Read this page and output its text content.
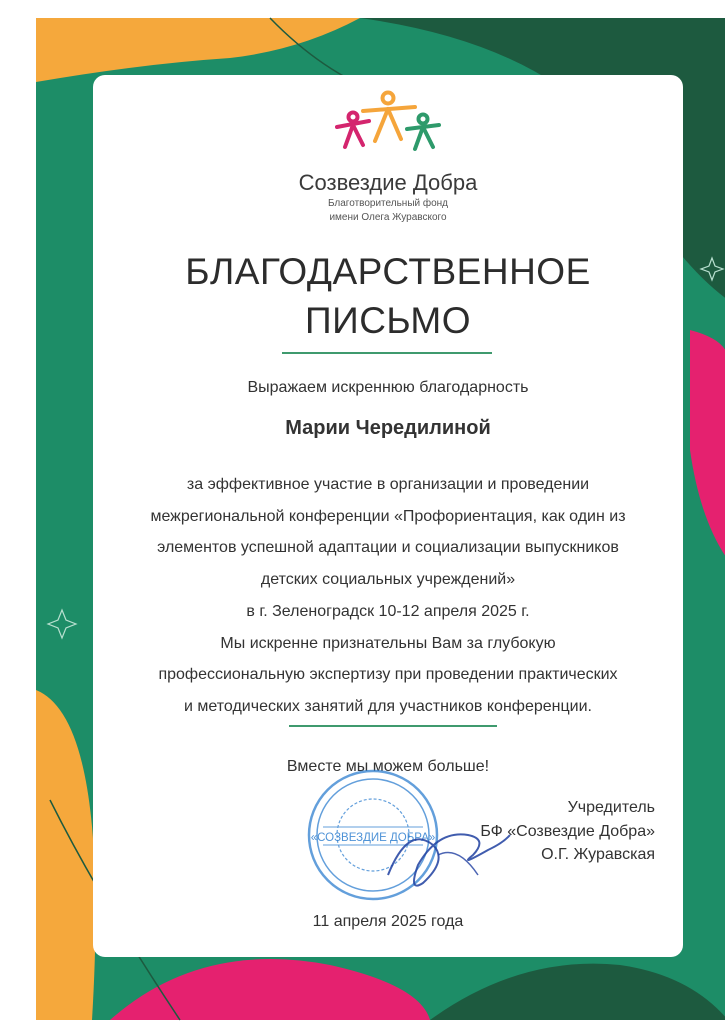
Созвездие Добра
Благотворительный фонд
имени Олега Журавского
БЛАГОДАРСТВЕННОЕ
ПИСЬМО
Выражаем искреннюю благодарность
Марии Чередилиной
за эффективное участие в организации и проведении
межрегиональной конференции «Профориентация, как один из
элементов успешной адаптации и социализации выпускников
детских социальных учреждений»
в г. Зеленоградск 10-12 апреля 2025 г.
Мы искренне признательны Вам за глубокую
профессиональную экспертизу при проведении практических
и методических занятий для участников конференции.
Вместе мы можем больше!
«СОЗВЕЗДИЕ ДОБРА»
Учредитель
БФ «Созвездие Добра»
О.Г. Журавская
11 апреля 2025 года
